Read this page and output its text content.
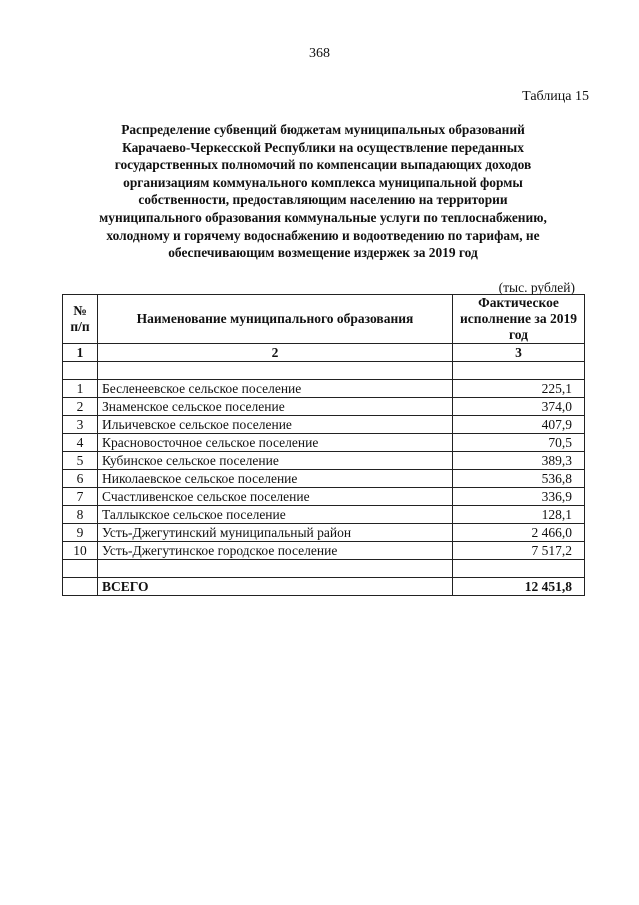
368
Таблица 15
Распределение субвенций бюджетам муниципальных образований
Карачаево-Черкесской Республики на осуществление переданных
государственных полномочий по компенсации выпадающих доходов
организациям коммунального комплекса муниципальной формы
собственности, предоставляющим населению на территории
муниципального образования коммунальные услуги по теплоснабжению,
холодному и горячему водоснабжению и водоотведению по тарифам, не
обеспечивающим возмещение издержек за 2019 год
(тыс. рублей)
№ п/п	Наименование муниципального образования	Фактическое исполнение за 2019 год
1	2	3

1	Беслeнеевское сельское поселение	225,1
2	Знаменское сельское поселение	374,0
3	Ильичевское сельское поселение	407,9
4	Красновосточное сельское поселение	70,5
5	Кубинское сельское поселение	389,3
6	Николаевское сельское поселение	536,8
7	Счастливенское сельское поселение	336,9
8	Таллыкское сельское поселение	128,1
9	Усть-Джегутинский муниципальный район	2 466,0
10	Усть-Джегутинское городское поселение	7 517,2

	ВСЕГО	12 451,8
